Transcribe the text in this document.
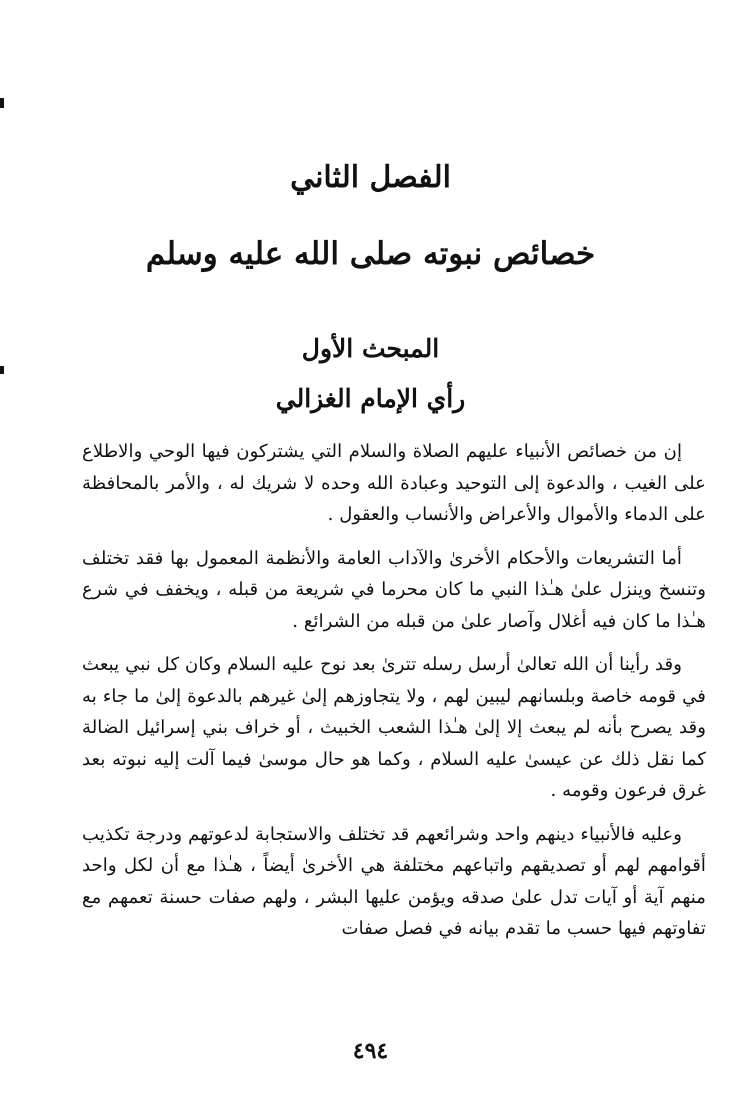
الفصل الثاني
خصائص نبوته صلى الله عليه وسلم
المبحث الأول
رأي الإمام الغزالي

إن من خصائص الأنبياء عليهم الصلاة والسلام التي يشتركون فيها الوحي والاطلاع على الغيب ، والدعوة إلى التوحيد وعبادة الله وحده لا شريك له ، والأمر بالمحافظة على الدماء والأموال والأعراض والأنساب والعقول .

أما التشريعات والأحكام الأخرىٰ والآداب العامة والأنظمة المعمول بها فقد تختلف وتنسخ وينزل علىٰ هـٰذا النبي ما كان محرما في شريعة من قبله ، ويخفف في شرع هـٰذا ما كان فيه أغلال وآصار علىٰ من قبله من الشرائع .

وقد رأينا أن الله تعالىٰ أرسل رسله تترىٰ بعد نوح عليه السلام وكان كل نبي يبعث في قومه خاصة وبلسانهم ليبين لهم ، ولا يتجاوزهم إلىٰ غيرهم بالدعوة إلىٰ ما جاء به وقد يصرح بأنه لم يبعث إلا إلىٰ هـٰذا الشعب الخبيث ، أو خراف بني إسرائيل الضالة كما نقل ذلك عن عيسىٰ عليه السلام ، وكما هو حال موسىٰ فيما آلت إليه نبوته بعد غرق فرعون وقومه .

وعليه فالأنبياء دينهم واحد وشرائعهم قد تختلف والاستجابة لدعوتهم ودرجة تكذيب أقوامهم لهم أو تصديقهم واتباعهم مختلفة هي الأخرىٰ أيضاً ، هـٰذا مع أن لكل واحد منهم آية أو آيات تدل علىٰ صدقه ويؤمن عليها البشر ، ولهم صفات حسنة تعمهم مع تفاوتهم فيها حسب ما تقدم بيانه في فصل صفات

٤٩٤
